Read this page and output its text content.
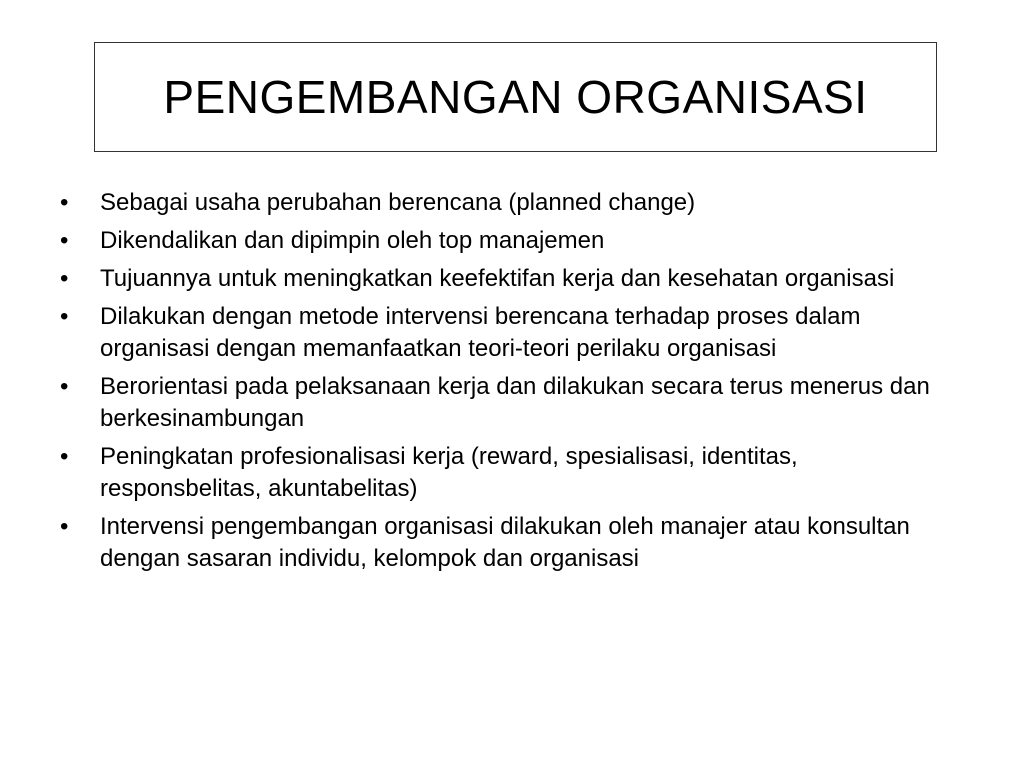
PENGEMBANGAN ORGANISASI
•	Sebagai usaha perubahan berencana (planned change)
•	Dikendalikan dan dipimpin oleh top manajemen
•	Tujuannya untuk meningkatkan keefektifan kerja dan kesehatan organisasi
•	Dilakukan dengan metode intervensi berencana terhadap proses dalam organisasi dengan memanfaatkan teori-teori perilaku organisasi
•	Berorientasi pada pelaksanaan kerja dan dilakukan secara terus menerus dan berkesinambungan
•	Peningkatan profesionalisasi kerja (reward, spesialisasi, identitas, responsbelitas, akuntabelitas)
•	Intervensi pengembangan organisasi dilakukan oleh manajer atau konsultan dengan sasaran individu, kelompok dan organisasi
